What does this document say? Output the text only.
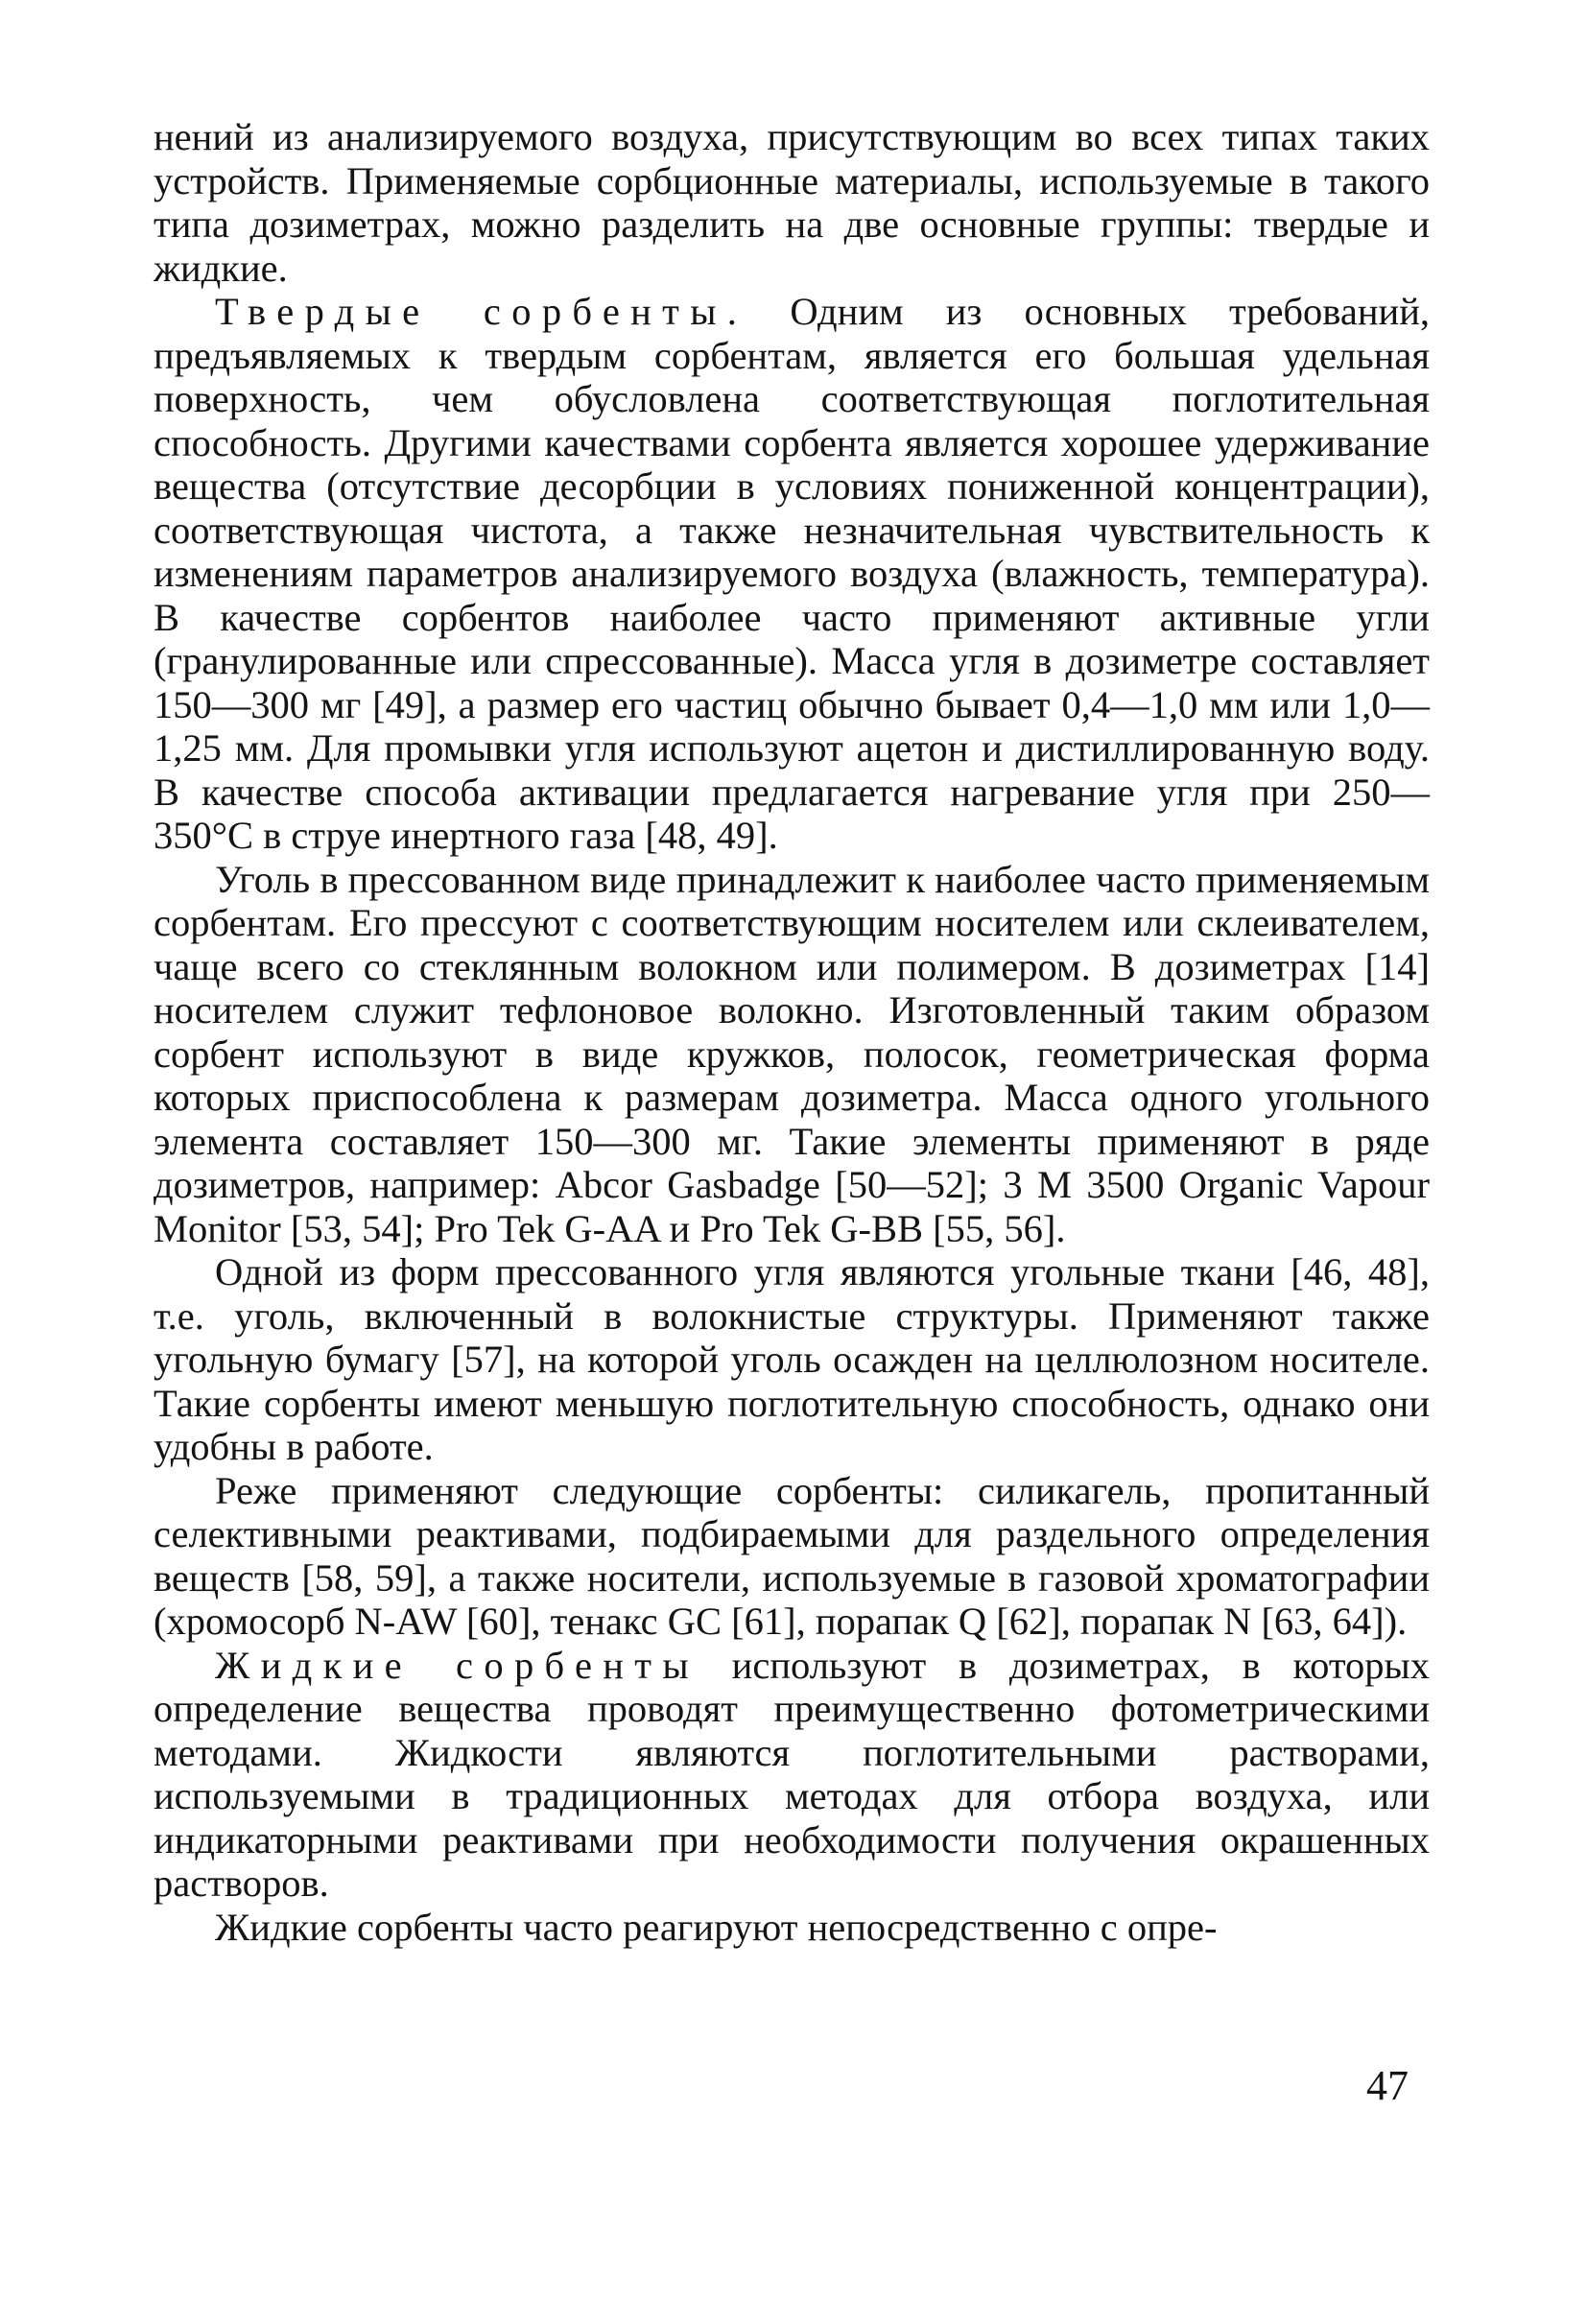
нений из анализируемого воздуха, присутствующим во всех типах таких устройств. Применяемые сорбционные материалы, используемые в такого типа дозиметрах, можно разделить на две основные группы: твердые и жидкие.

Твердые сорбенты. Одним из основных требований, предъявляемых к твердым сорбентам, является его большая удельная поверхность, чем обусловлена соответствующая поглотительная способность. Другими качествами сорбента является хорошее удерживание вещества (отсутствие десорбции в условиях пониженной концентрации), соответствующая чистота, а также незначительная чувствительность к изменениям параметров анализируемого воздуха (влажность, температура). В качестве сорбентов наиболее часто применяют активные угли (гранулированные или спрессованные). Масса угля в дозиметре составляет 150—300 мг [49], а размер его частиц обычно бывает 0,4—1,0 мм или 1,0—1,25 мм. Для промывки угля используют ацетон и дистиллированную воду. В качестве способа активации предлагается нагревание угля при 250—350°С в струе инертного газа [48, 49].

Уголь в прессованном виде принадлежит к наиболее часто применяемым сорбентам. Его прессуют с соответствующим носителем или склеивателем, чаще всего со стеклянным волокном или полимером. В дозиметрах [14] носителем служит тефлоновое волокно. Изготовленный таким образом сорбент используют в виде кружков, полосок, геометрическая форма которых приспособлена к размерам дозиметра. Масса одного угольного элемента составляет 150—300 мг. Такие элементы применяют в ряде дозиметров, например: Abcor Gasbadge [50—52]; 3 M 3500 Organic Vapour Monitor [53, 54]; Pro Tek G-AA и Pro Tek G-BB [55, 56].

Одной из форм прессованного угля являются угольные ткани [46, 48], т.е. уголь, включенный в волокнистые структуры. Применяют также угольную бумагу [57], на которой уголь осажден на целлюлозном носителе. Такие сорбенты имеют меньшую поглотительную способность, однако они удобны в работе.

Реже применяют следующие сорбенты: силикагель, пропитанный селективными реактивами, подбираемыми для раздельного определения веществ [58, 59], а также носители, используемые в газовой хроматографии (хромосорб N-AW [60], тенакс GC [61], порапак Q [62], порапак N [63, 64]).

Жидкие сорбенты используют в дозиметрах, в которых определение вещества проводят преимущественно фотометрическими методами. Жидкости являются поглотительными растворами, используемыми в традиционных методах для отбора воздуха, или индикаторными реактивами при необходимости получения окрашенных растворов.

Жидкие сорбенты часто реагируют непосредственно с опре-

47
